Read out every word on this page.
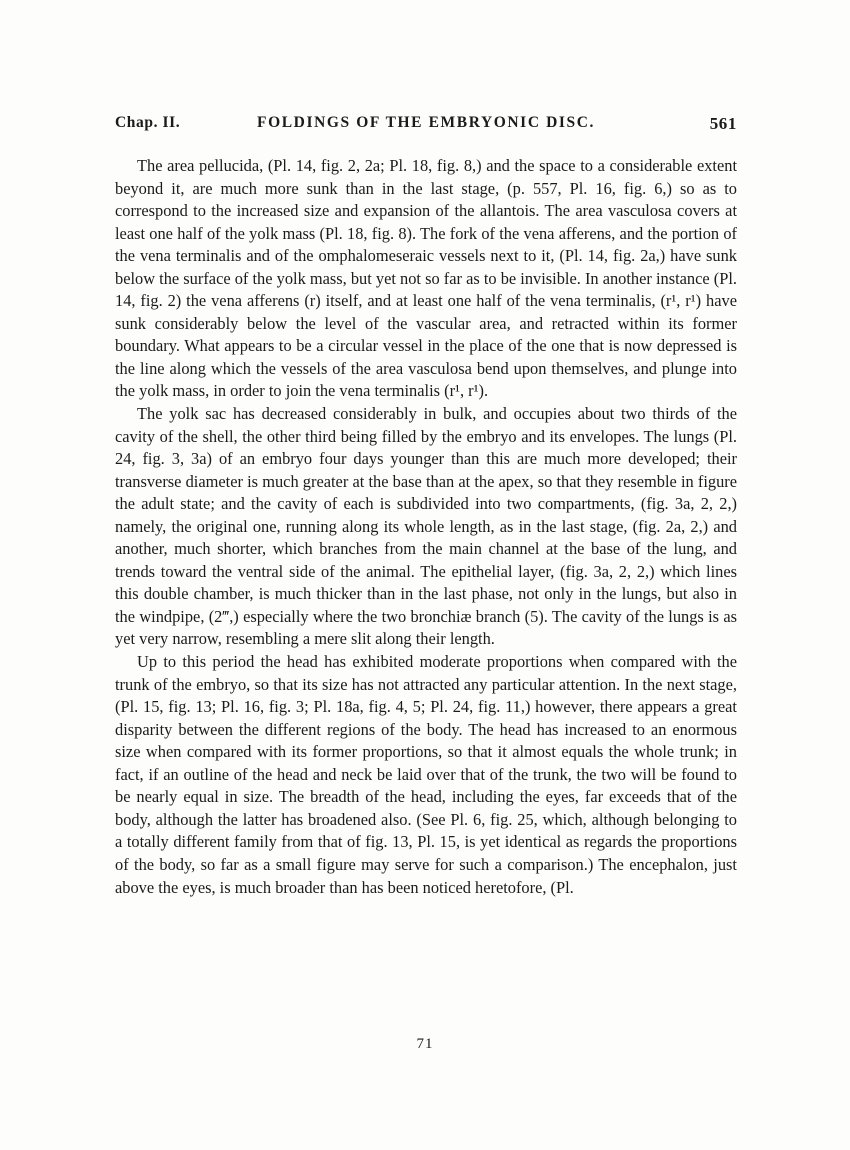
FOLDINGS OF THE EMBRYONIC DISC.
Chap. II.	561

The area pellucida, (Pl. 14, fig. 2, 2a; Pl. 18, fig. 8,) and the space to a considerable extent beyond it, are much more sunk than in the last stage, (p. 557, Pl. 16, fig. 6,) so as to correspond to the increased size and expansion of the allantois. The area vasculosa covers at least one half of the yolk mass (Pl. 18, fig. 8). The fork of the vena afferens, and the portion of the vena terminalis and of the omphalomeseraic vessels next to it, (Pl. 14, fig. 2a,) have sunk below the surface of the yolk mass, but yet not so far as to be invisible. In another instance (Pl. 14, fig. 2) the vena afferens (r) itself, and at least one half of the vena terminalis, (r¹, r¹) have sunk considerably below the level of the vascular area, and retracted within its former boundary. What appears to be a circular vessel in the place of the one that is now depressed is the line along which the vessels of the area vasculosa bend upon themselves, and plunge into the yolk mass, in order to join the vena terminalis (r¹, r¹).

The yolk sac has decreased considerably in bulk, and occupies about two thirds of the cavity of the shell, the other third being filled by the embryo and its envelopes. The lungs (Pl. 24, fig. 3, 3a) of an embryo four days younger than this are much more developed; their transverse diameter is much greater at the base than at the apex, so that they resemble in figure the adult state; and the cavity of each is subdivided into two compartments, (fig. 3a, 2, 2,) namely, the original one, running along its whole length, as in the last stage, (fig. 2a, 2,) and another, much shorter, which branches from the main channel at the base of the lung, and trends toward the ventral side of the animal. The epithelial layer, (fig. 3a, 2, 2,) which lines this double chamber, is much thicker than in the last phase, not only in the lungs, but also in the windpipe, (2‴,) especially where the two bronchiæ branch (5). The cavity of the lungs is as yet very narrow, resembling a mere slit along their length.

Up to this period the head has exhibited moderate proportions when compared with the trunk of the embryo, so that its size has not attracted any particular attention. In the next stage, (Pl. 15, fig. 13; Pl. 16, fig. 3; Pl. 18a, fig. 4, 5; Pl. 24, fig. 11,) however, there appears a great disparity between the different regions of the body. The head has increased to an enormous size when compared with its former proportions, so that it almost equals the whole trunk; in fact, if an outline of the head and neck be laid over that of the trunk, the two will be found to be nearly equal in size. The breadth of the head, including the eyes, far exceeds that of the body, although the latter has broadened also. (See Pl. 6, fig. 25, which, although belonging to a totally different family from that of fig. 13, Pl. 15, is yet identical as regards the proportions of the body, so far as a small figure may serve for such a comparison.) The encephalon, just above the eyes, is much broader than has been noticed heretofore, (Pl.

71
